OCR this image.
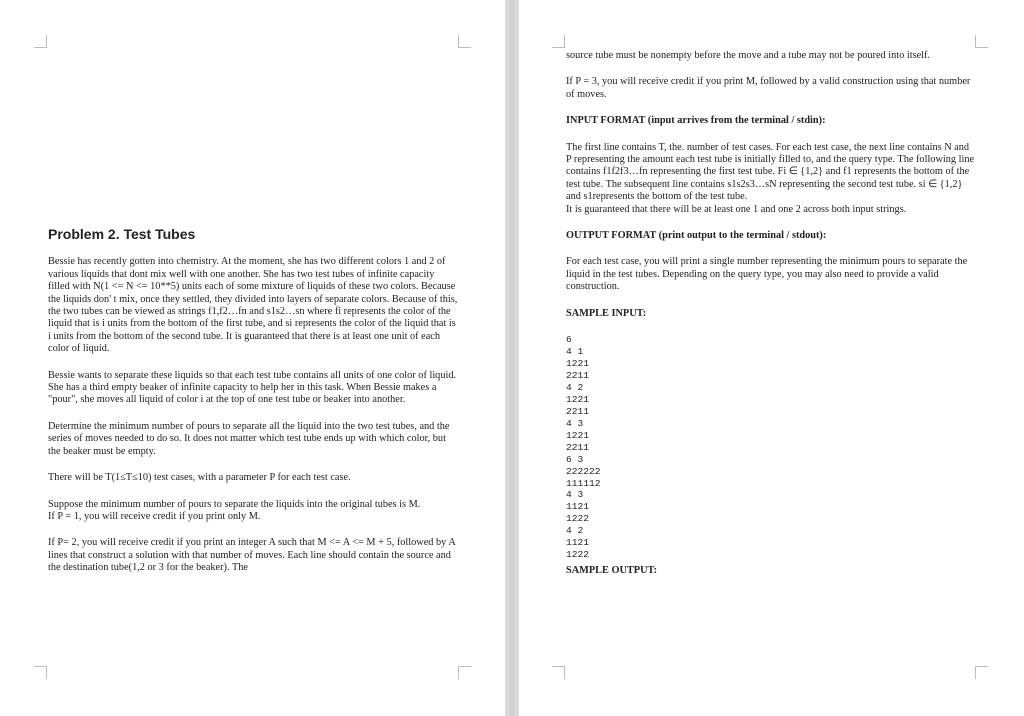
Problem 2. Test Tubes

Bessie has recently gotten into chemistry. At the moment, she has two different colors 1 and 2 of various liquids that dont mix well with one another. She has two test tubes of infinite capacity filled with N(1 <= N <= 10**5) units each of some mixture of liquids of these two colors. Because the liquids don' t mix, once they settled, they divided into layers of separate colors. Because of this, the two tubes can be viewed as strings f1,f2…fn and s1s2…sn where fi represents the color of the liquid that is i units from the bottom of the first tube, and si represents the color of the liquid that is i units from the bottom of the second tube. It is guaranteed that there is at least one unit of each color of liquid.

Bessie wants to separate these liquids so that each test tube contains all units of one color of liquid. She has a third empty beaker of infinite capacity to help her in this task. When Bessie makes a "pour", she moves all liquid of color i at the top of one test tube or beaker into another.

Determine the minimum number of pours to separate all the liquid into the two test tubes, and the series of moves needed to do so. It does not matter which test tube ends up with which color, but the beaker must be empty.

There will be T(1≤T≤10) test cases, with a parameter P for each test case.

Suppose the minimum number of pours to separate the liquids into the original tubes is M.

If P = 1, you will receive credit if you print only M.

If P= 2, you will receive credit if you print an integer A such that M <= A <= M + 5, followed by A lines that construct a solution with that number of moves. Each line should contain the source and the destination tube(1,2 or 3 for the beaker). The

source tube must be nonempty before the move and a tube may not be poured into itself.

If P = 3, you will receive credit if you print M, followed by a valid construction using that number of moves.

INPUT FORMAT (input arrives from the terminal / stdin):

The first line contains T, the. number of test cases. For each test case, the next line contains N and P representing the amount each test tube is initially filled to, and the query type. The following line contains f1f2f3…fn representing the first test tube. Fi ∈ {1,2} and f1 represents the bottom of the test tube. The subsequent line contains s1s2s3…sN representing the second test tube. si ∈ {1,2} and s1represents the bottom of the test tube.

It is guaranteed that there will be at least one 1 and one 2 across both input strings.

OUTPUT FORMAT (print output to the terminal / stdout):

For each test case, you will print a single number representing the minimum pours to separate the liquid in the test tubes. Depending on the query type, you may also need to provide a valid construction.

SAMPLE INPUT:
6
4 1
1221
2211
4 2
1221
2211
4 3
1221
2211
6 3
222222
111112
4 3
1121
1222
4 2
1121
1222
SAMPLE OUTPUT:
